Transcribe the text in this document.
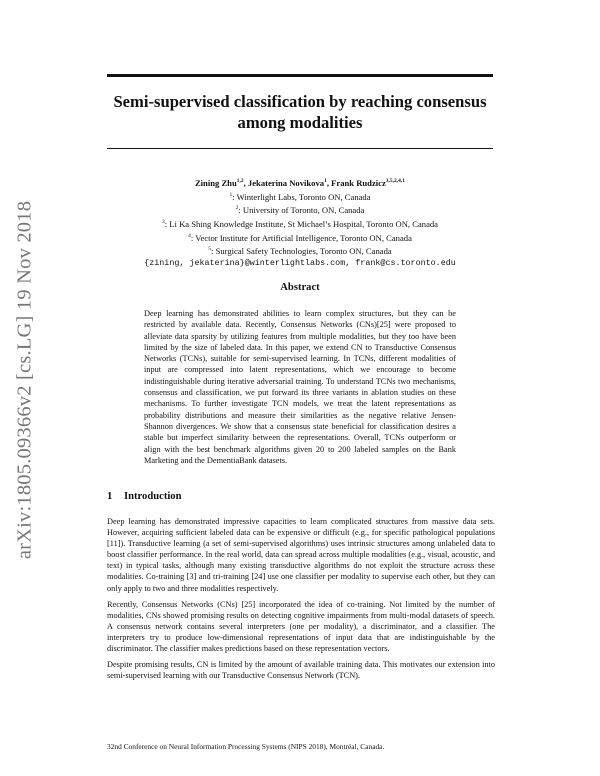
arXiv:1805.09366v2 [cs.LG] 19 Nov 2018
Semi-supervised classification by reaching consensus
among modalities
Zining Zhu$^{1,2}$, Jekaterina Novikova$^1$, Frank Rudzicz$^{3,5,2,4,1}$
$^1$: Winterlight Labs, Toronto ON, Canada
$^2$: University of Toronto, ON, Canada
$^3$: Li Ka Shing Knowledge Institute, St Michael’s Hospital, Toronto ON, Canada
$^4$: Vector Institute for Artificial Intelligence, Toronto ON, Canada
$^5$: Surgical Safety Technologies, Toronto ON, Canada
{zining, jekaterina}@winterlightlabs.com, frank@cs.toronto.edu
Abstract
Deep learning has demonstrated abilities to learn complex structures, but they can be restricted by available data. Recently, Consensus Networks (CNs)[25] were proposed to alleviate data sparsity by utilizing features from multiple modalities, but they too have been limited by the size of labeled data. In this paper, we extend CN to Transductive Consensus Networks (TCNs), suitable for semi-supervised learning. In TCNs, different modalities of input are compressed into latent representations, which we encourage to become indistinguishable during iterative adversarial training. To understand TCNs two mechanisms, consensus and classification, we put forward its three variants in ablation studies on these mechanisms. To further investigate TCN models, we treat the latent representations as probability distributions and measure their similarities as the negative relative Jensen-Shannon divergences. We show that a consensus state beneficial for classification desires a stable but imperfect similarity between the representations. Overall, TCNs outperform or align with the best benchmark algorithms given 20 to 200 labeled samples on the Bank Marketing and the DementiaBank datasets.
1 Introduction

Deep learning has demonstrated impressive capacities to learn complicated structures from massive data sets. However, acquiring sufficient labeled data can be expensive or difficult (e.g., for specific pathological populations [11]). Transductive learning (a set of semi-supervised algorithms) uses intrinsic structures among unlabeled data to boost classifier performance. In the real world, data can spread across multiple modalities (e.g., visual, acoustic, and text) in typical tasks, although many existing transductive algorithms do not exploit the structure across these modalities. Co-training [3] and tri-training [24] use one classifier per modality to supervise each other, but they can only apply to two and three modalities respectively.

Recently, Consensus Networks (CNs) [25] incorporated the idea of co-training. Not limited by the number of modalities, CNs showed promising results on detecting cognitive impairments from multi-modal datasets of speech. A consensus network contains several interpreters (one per modality), a discriminator, and a classifier. The interpreters try to produce low-dimensional representations of input data that are indistinguishable by the discriminator. The classifier makes predictions based on these representation vectors.

Despite promising results, CN is limited by the amount of available training data. This motivates our extension into semi-supervised learning with our Transductive Consensus Network (TCN).

32nd Conference on Neural Information Processing Systems (NIPS 2018), Montréal, Canada.
